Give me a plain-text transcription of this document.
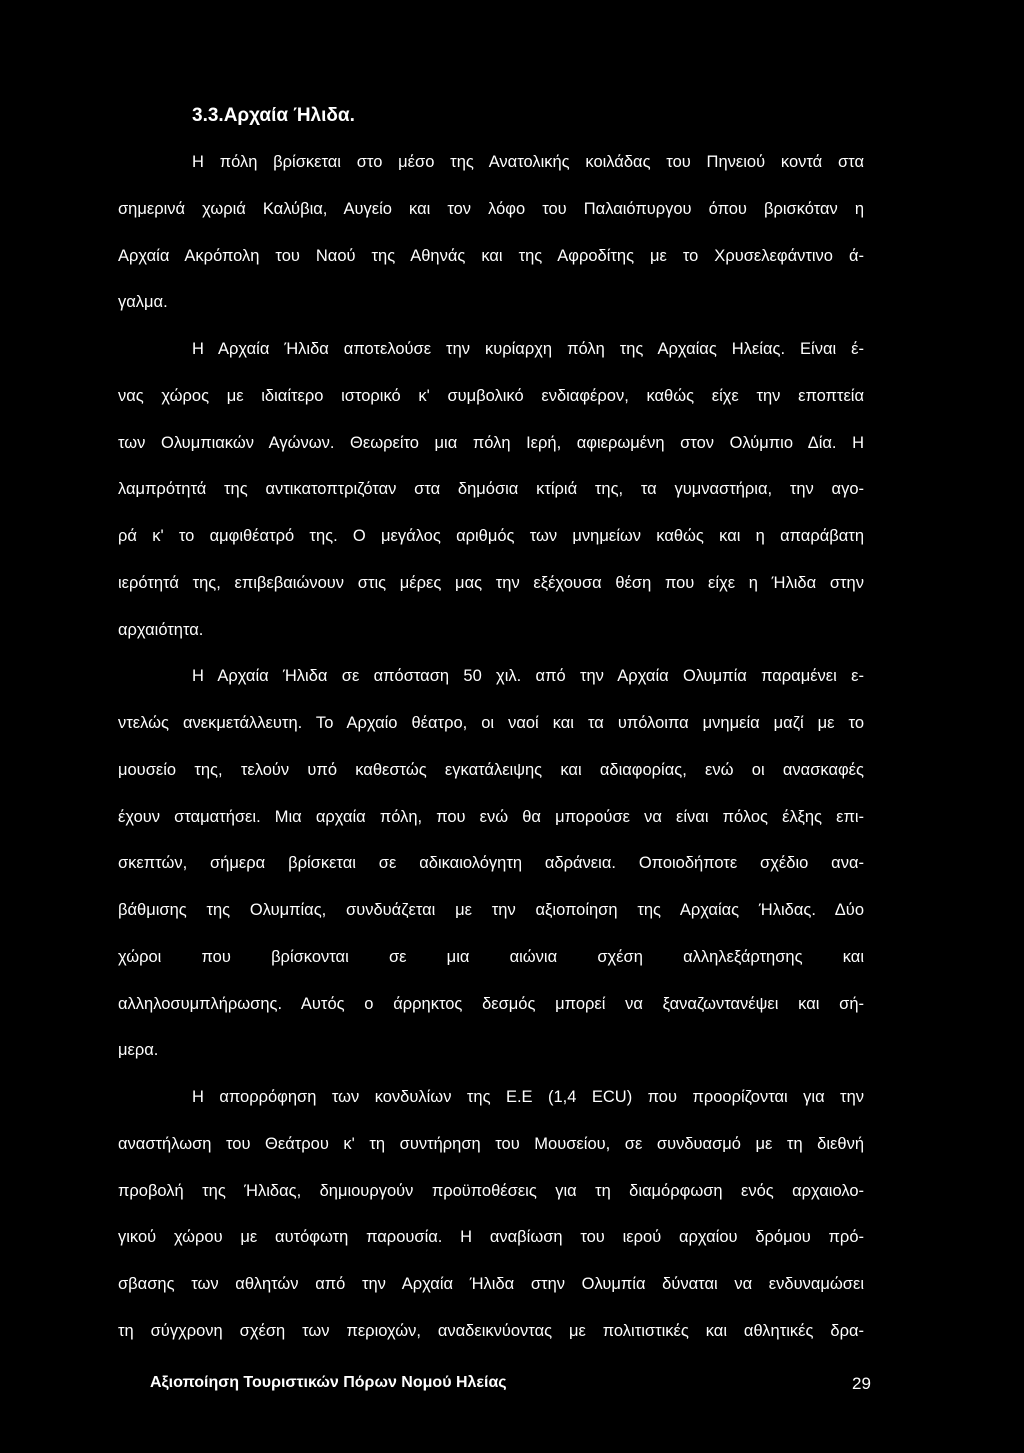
3.3.Αρχαία Ήλιδα.

Η πόλη βρίσκεται στο μέσο της Ανατολικής κοιλάδας του Πηνειού κοντά στα

σημερινά χωριά Καλύβια, Αυγείο και τον λόφο του Παλαιόπυργου όπου βρισκόταν η

Αρχαία Ακρόπολη του Ναού της Αθηνάς και της Αφροδίτης με το Χρυσελεφάντινο ά-

γαλμα.

Η Αρχαία Ήλιδα αποτελούσε την κυρίαρχη πόλη της Αρχαίας Ηλείας. Είναι έ-

νας χώρος με ιδιαίτερο ιστορικό κ' συμβολικό ενδιαφέρον, καθώς είχε την εποπτεία

των Ολυμπιακών Αγώνων. Θεωρείτο μια πόλη Ιερή, αφιερωμένη στον Ολύμπιο Δία. Η

λαμπρότητά της αντικατοπτριζόταν στα δημόσια κτίριά της, τα γυμναστήρια, την αγο-

ρά κ' το αμφιθέατρό της. Ο μεγάλος αριθμός των μνημείων καθώς και η απαράβατη

ιερότητά της, επιβεβαιώνουν στις μέρες μας την εξέχουσα θέση που είχε η Ήλιδα στην

αρχαιότητα.

Η Αρχαία Ήλιδα σε απόσταση 50 χιλ. από την Αρχαία Ολυμπία παραμένει ε-

ντελώς ανεκμετάλλευτη. Το Αρχαίο θέατρο, οι ναοί και τα υπόλοιπα μνημεία μαζί με το

μουσείο της, τελούν υπό καθεστώς εγκατάλειψης και αδιαφορίας, ενώ οι ανασκαφές

έχουν σταματήσει. Μια αρχαία πόλη, που ενώ θα μπορούσε να είναι πόλος έλξης επι-

σκεπτών, σήμερα βρίσκεται σε αδικαιολόγητη αδράνεια. Οποιοδήποτε σχέδιο ανα-

βάθμισης της Ολυμπίας, συνδυάζεται με την αξιοποίηση της Αρχαίας Ήλιδας. Δύο

χώροι που βρίσκονται σε μια αιώνια σχέση αλληλεξάρτησης και

αλληλοσυμπλήρωσης. Αυτός ο άρρηκτος δεσμός μπορεί να ξαναζωντανέψει και σή-

μερα.

Η απορρόφηση των κονδυλίων της Ε.Ε (1,4 ECU) που προορίζονται για την

αναστήλωση του Θεάτρου κ' τη συντήρηση του Μουσείου, σε συνδυασμό με τη διεθνή

προβολή της Ήλιδας, δημιουργούν προϋποθέσεις για τη διαμόρφωση ενός αρχαιολο-

γικού χώρου με αυτόφωτη παρουσία. Η αναβίωση του ιερού αρχαίου δρόμου πρό-

σβασης των αθλητών από την Αρχαία Ήλιδα στην Ολυμπία δύναται να ενδυναμώσει

τη σύγχρονη σχέση των περιοχών, αναδεικνύοντας με πολιτιστικές και αθλητικές δρα-

Αξιοποίηση Τουριστικών Πόρων Νομού Ηλείας	29
